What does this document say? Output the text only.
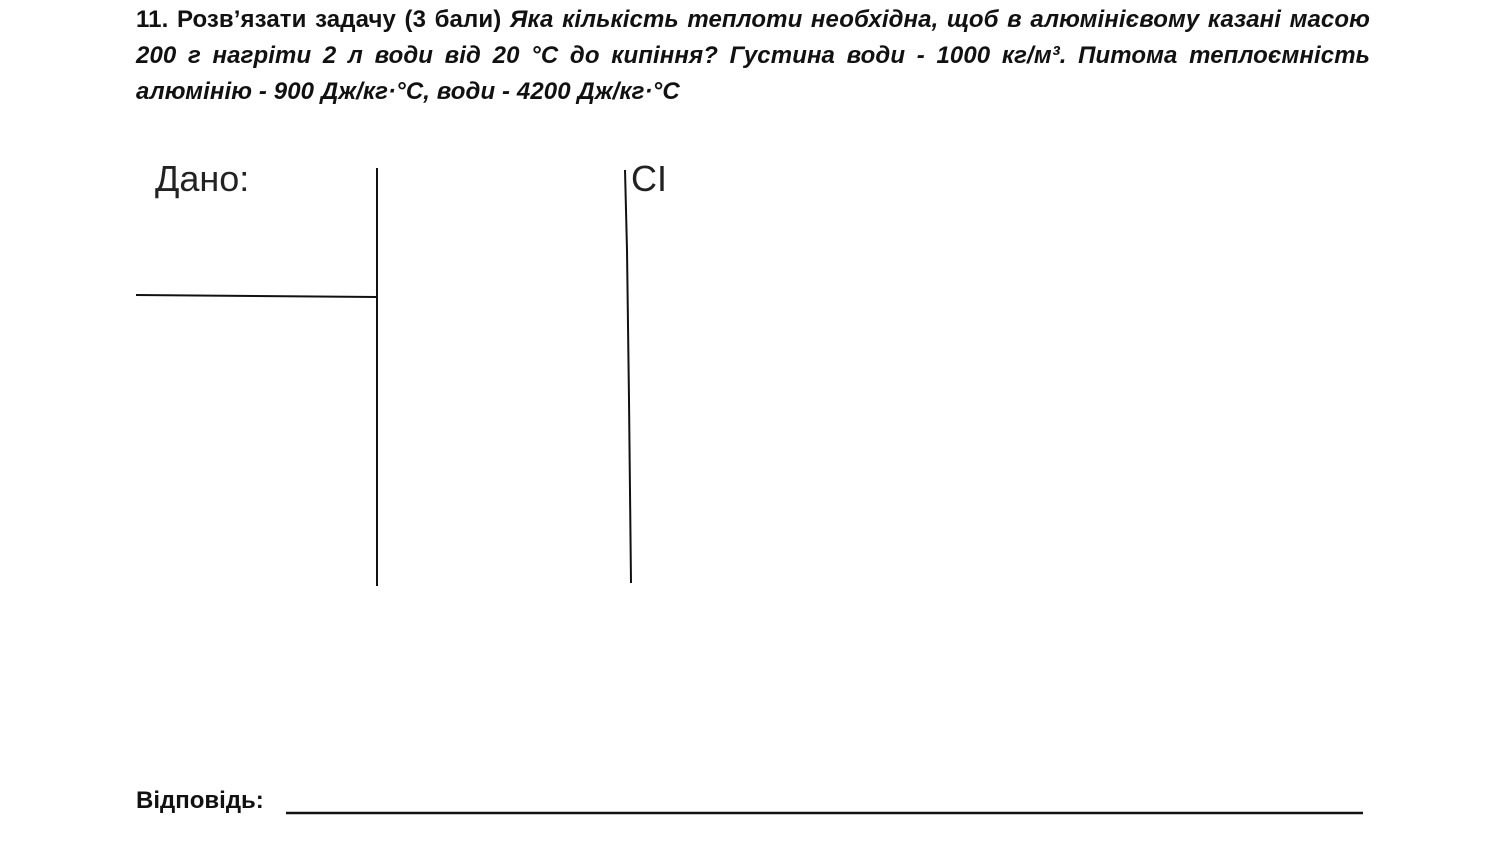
11. Розв’язати задачу (3 бали) Яка кількість теплоти необхідна, щоб в алюмінієвому казані масою 200 г нагріти 2 л води від 20 °С до кипіння? Густина води - 1000 кг/м³. Питома теплоємність алюмінію - 900 Дж/кг·°С, води - 4200 Дж/кг·°С
Дано:	СІ
Відповідь:
